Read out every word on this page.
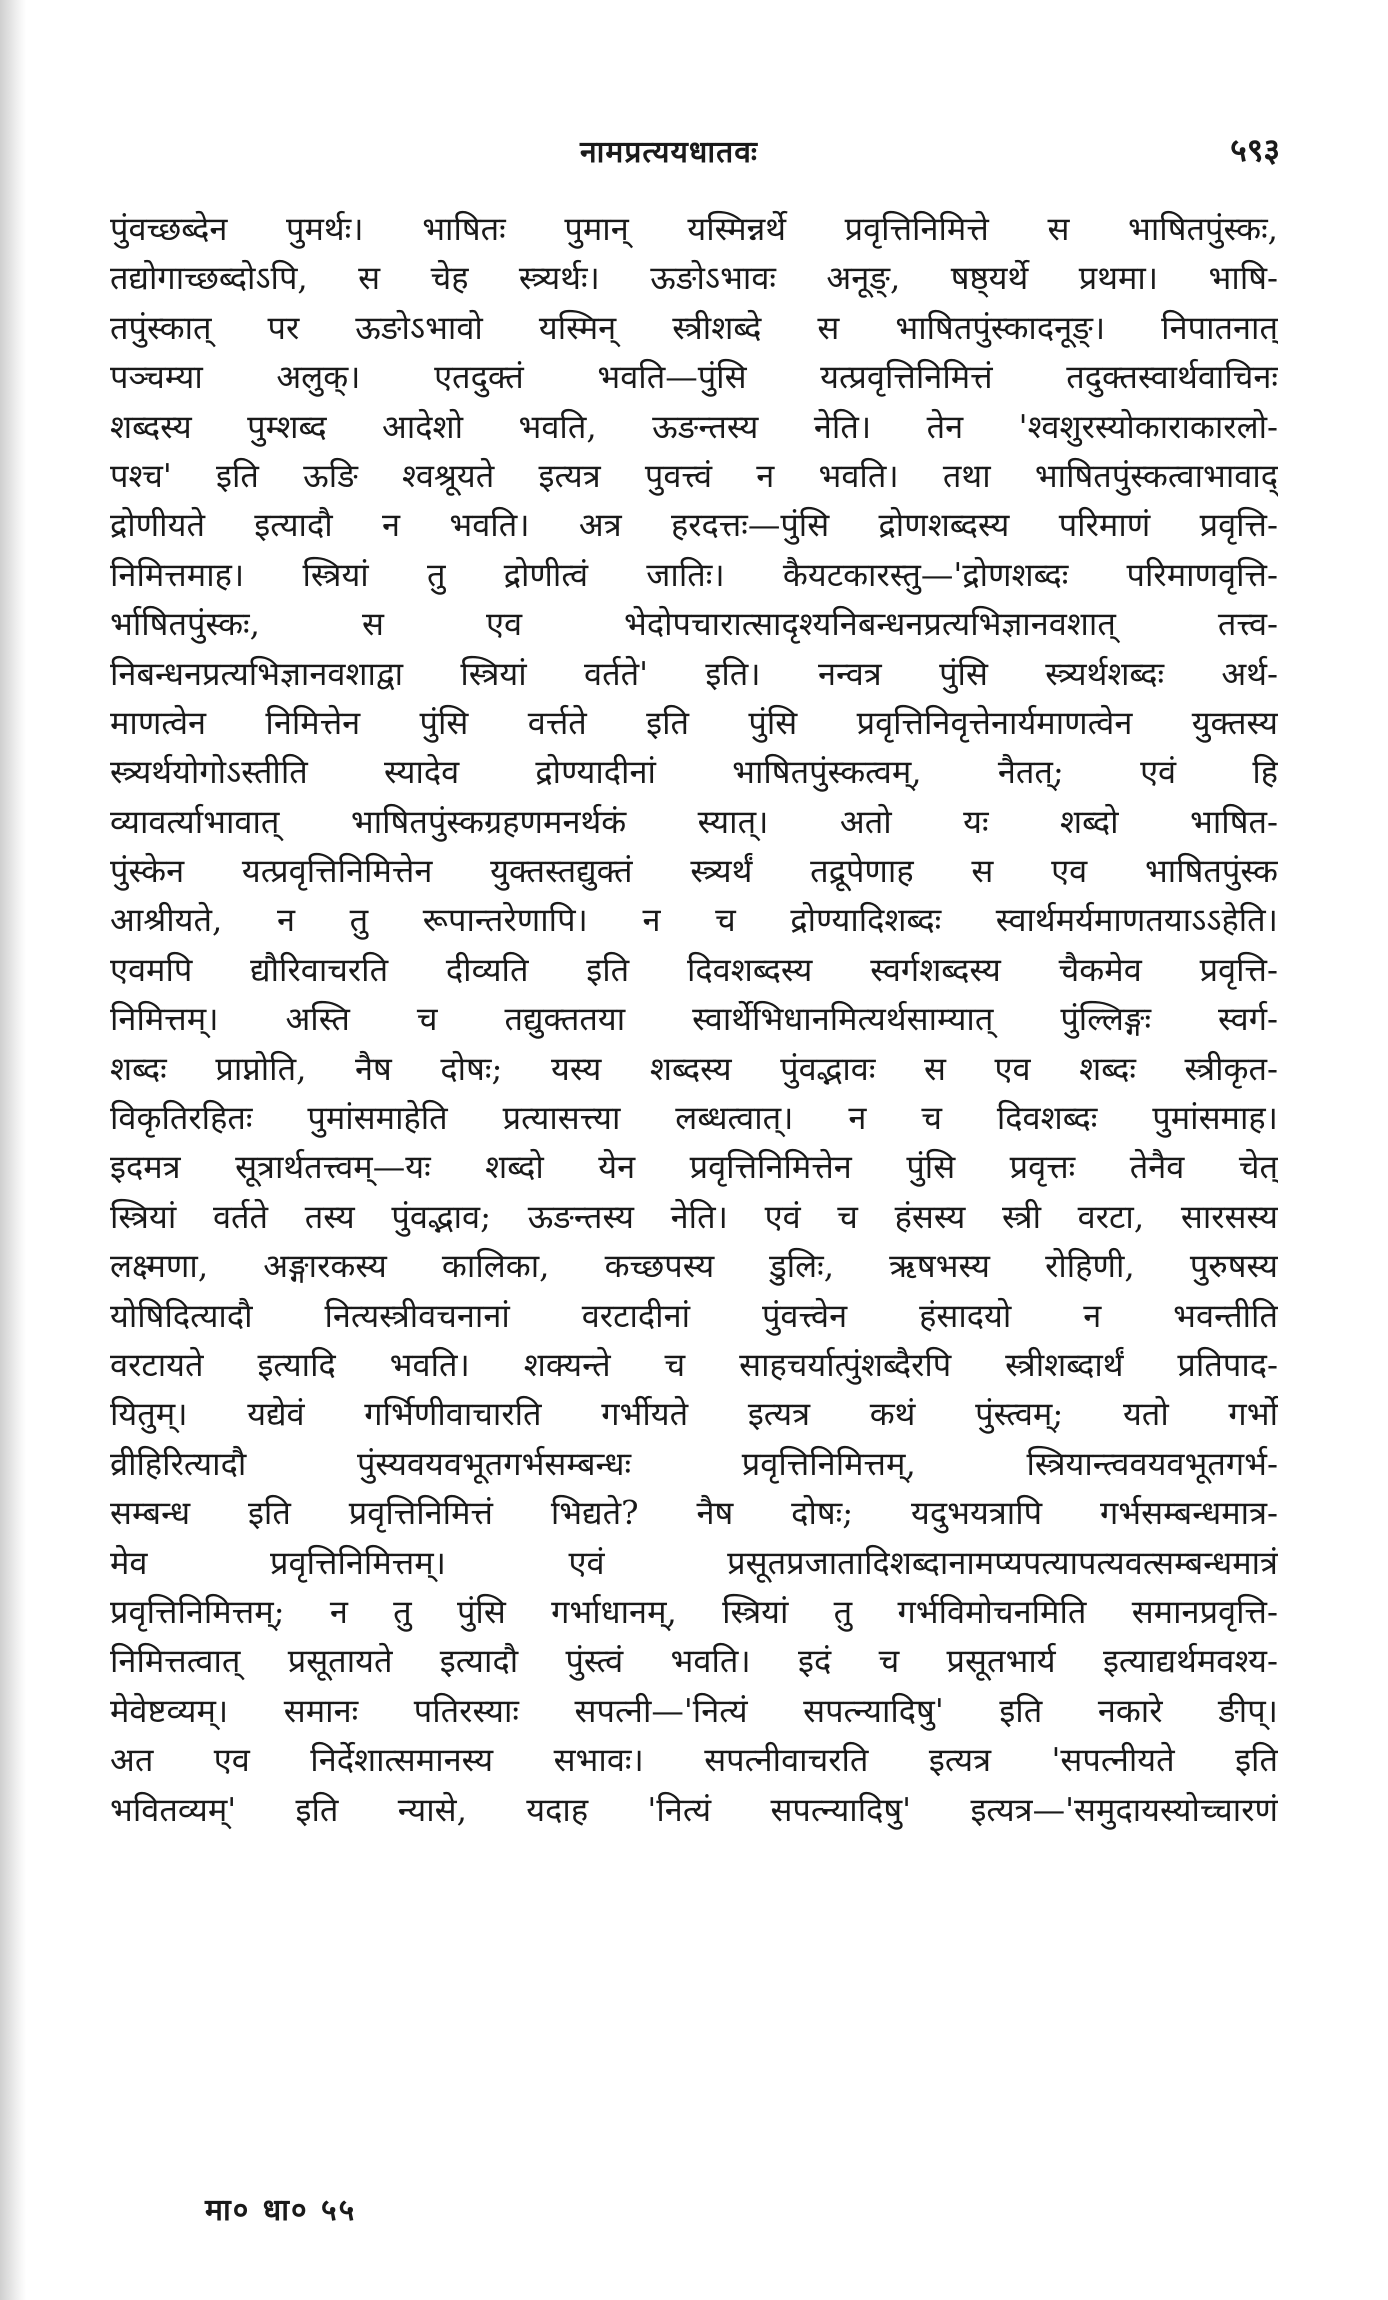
नामप्रत्ययधातवः	५९३
पुंवच्छब्देन पुमर्थः। भाषितः पुमान् यस्मिन्नर्थे प्रवृत्तिनिमित्ते स भाषितपुंस्कः,
तद्योगाच्छब्दोऽपि, स चेह स्त्र्यर्थः। ऊङोऽभावः अनूङ्, षष्ठ्यर्थे प्रथमा। भाषि-
तपुंस्कात् पर ऊङोऽभावो यस्मिन् स्त्रीशब्दे स भाषितपुंस्कादनूङ्। निपातनात्
पञ्चम्या अलुक्। एतदुक्तं भवति—पुंसि यत्प्रवृत्तिनिमित्तं तदुक्तस्वार्थवाचिनः
शब्दस्य पुम्शब्द आदेशो भवति, ऊङन्तस्य नेति। तेन 'श्वशुरस्योकाराकारलो-
पश्च' इति ऊङि श्वश्रूयते इत्यत्र पुवत्त्वं न भवति। तथा भाषितपुंस्कत्वाभावाद्
द्रोणीयते इत्यादौ न भवति। अत्र हरदत्तः—पुंसि द्रोणशब्दस्य परिमाणं प्रवृत्ति-
निमित्तमाह। स्त्रियां तु द्रोणीत्वं जातिः। कैयटकारस्तु—'द्रोणशब्दः परिमाणवृत्ति-
र्भाषितपुंस्कः, स एव भेदोपचारात्सादृश्यनिबन्धनप्रत्यभिज्ञानवशात् तत्त्व-
निबन्धनप्रत्यभिज्ञानवशाद्वा स्त्रियां वर्तते' इति। नन्वत्र पुंसि स्त्र्यर्थशब्दः अर्थ-
माणत्वेन निमित्तेन पुंसि वर्त्तते इति पुंसि प्रवृत्तिनिवृत्तेनार्यमाणत्वेन युक्तस्य
स्त्र्यर्थयोगोऽस्तीति स्यादेव द्रोण्यादीनां भाषितपुंस्कत्वम्, नैतत्; एवं हि
व्यावर्त्याभावात् भाषितपुंस्कग्रहणमनर्थकं स्यात्। अतो यः शब्दो भाषित-
पुंस्केन यत्प्रवृत्तिनिमित्तेन युक्तस्तद्युक्तं स्त्र्यर्थं तद्रूपेणाह स एव भाषितपुंस्क
आश्रीयते, न तु रूपान्तरेणापि। न च द्रोण्यादिशब्दः स्वार्थमर्यमाणतयाऽऽहेति।
एवमपि द्यौरिवाचरति दीव्यति इति दिवशब्दस्य स्वर्गशब्दस्य चैकमेव प्रवृत्ति-
निमित्तम्। अस्ति च तद्युक्ततया स्वार्थेभिधानमित्यर्थसाम्यात् पुंल्लिङ्गः स्वर्ग-
शब्दः प्राप्नोति, नैष दोषः; यस्य शब्दस्य पुंवद्भावः स एव शब्दः स्त्रीकृत-
विकृतिरहितः पुमांसमाहेति प्रत्यासत्त्या लब्धत्वात्। न च दिवशब्दः पुमांसमाह।
इदमत्र सूत्रार्थतत्त्वम्—यः शब्दो येन प्रवृत्तिनिमित्तेन पुंसि प्रवृत्तः तेनैव चेत्
स्त्रियां वर्तते तस्य पुंवद्भाव; ऊङन्तस्य नेति। एवं च हंसस्य स्त्री वरटा, सारसस्य
लक्ष्मणा, अङ्गारकस्य कालिका, कच्छपस्य डुलिः, ऋषभस्य रोहिणी, पुरुषस्य
योषिदित्यादौ नित्यस्त्रीवचनानां वरटादीनां पुंवत्त्वेन हंसादयो न भवन्तीति
वरटायते इत्यादि भवति। शक्यन्ते च साहचर्यात्पुंशब्दैरपि स्त्रीशब्दार्थं प्रतिपाद-
यितुम्। यद्येवं गर्भिणीवाचारति गर्भीयते इत्यत्र कथं पुंस्त्वम्; यतो गर्भो
व्रीहिरित्यादौ पुंस्यवयवभूतगर्भसम्बन्धः प्रवृत्तिनिमित्तम्, स्त्रियान्त्ववयवभूतगर्भ-
सम्बन्ध इति प्रवृत्तिनिमित्तं भिद्यते? नैष दोषः; यदुभयत्रापि गर्भसम्बन्धमात्र-
मेव प्रवृत्तिनिमित्तम्। एवं प्रसूतप्रजातादिशब्दानामप्यपत्यापत्यवत्सम्बन्धमात्रं
प्रवृत्तिनिमित्तम्; न तु पुंसि गर्भाधानम्, स्त्रियां तु गर्भविमोचनमिति समानप्रवृत्ति-
निमित्तत्वात् प्रसूतायते इत्यादौ पुंस्त्वं भवति। इदं च प्रसूतभार्य इत्याद्यर्थमवश्य-
मेवेष्टव्यम्। समानः पतिरस्याः सपत्नी—'नित्यं सपत्न्यादिषु' इति नकारे ङीप्।
अत एव निर्देशात्समानस्य सभावः। सपत्नीवाचरति इत्यत्र 'सपत्नीयते इति
भवितव्यम्' इति न्यासे, यदाह 'नित्यं सपत्न्यादिषु' इत्यत्र—'समुदायस्योच्चारणं
मा० धा० ५५
